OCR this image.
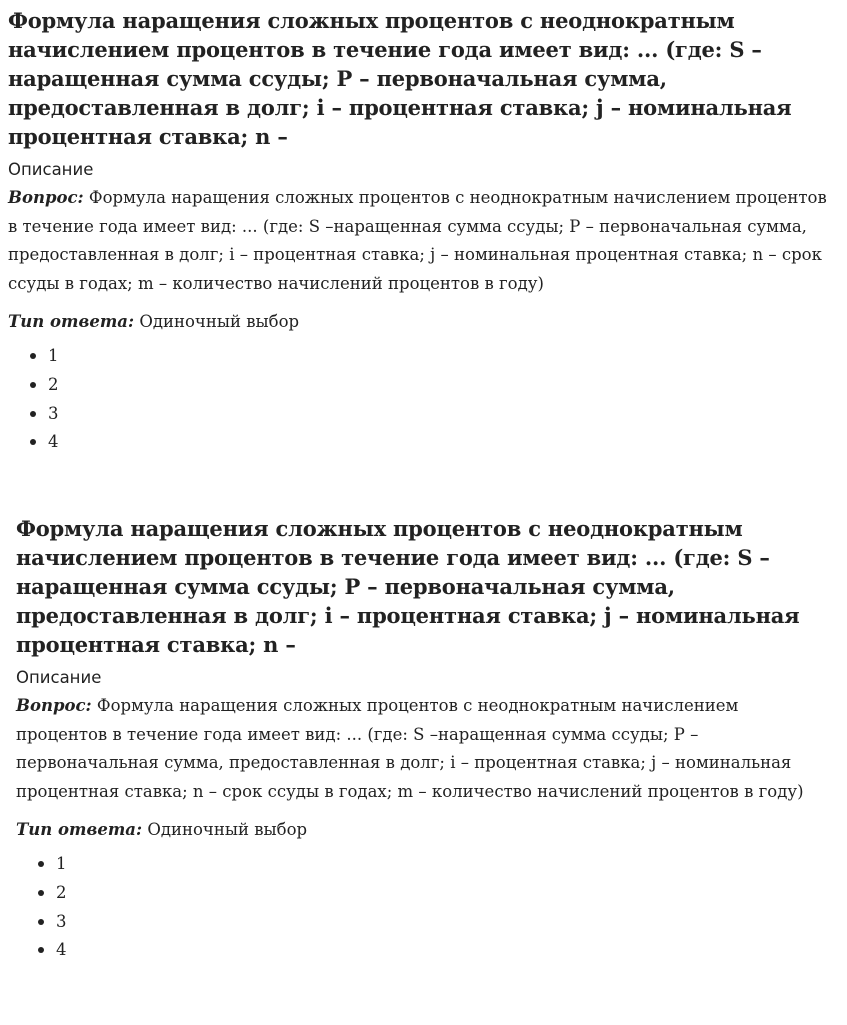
Формула наращения сложных процентов с неоднократным начислением процентов в течение года имеет вид: ... (где: S –наращенная сумма ссуды; P – первоначальная сумма, предоставленная в долг; i – процентная ставка; j – номинальная процентная ставка; n –
Описание

Вопрос: Формула наращения сложных процентов с неоднократным начислением процентов в течение года имеет вид: ... (где: S –наращенная сумма ссуды; P – первоначальная сумма, предоставленная в долг; i – процентная ставка; j – номинальная процентная ставка; n – срок ссуды в годах; m – количество начислений процентов в году)

Тип ответа: Одиночный выбор

1
2
3
4
Формула наращения сложных процентов с неоднократным начислением процентов в течение года имеет вид: ... (где: S –наращенная сумма ссуды; P – первоначальная сумма, предоставленная в долг; i – процентная ставка; j – номинальная процентная ставка; n –
Описание

Вопрос: Формула наращения сложных процентов с неоднократным начислением процентов в течение года имеет вид: ... (где: S –наращенная сумма ссуды; P – первоначальная сумма, предоставленная в долг; i – процентная ставка; j – номинальная процентная ставка; n – срок ссуды в годах; m – количество начислений процентов в году)

Тип ответа: Одиночный выбор

1
2
3
4
